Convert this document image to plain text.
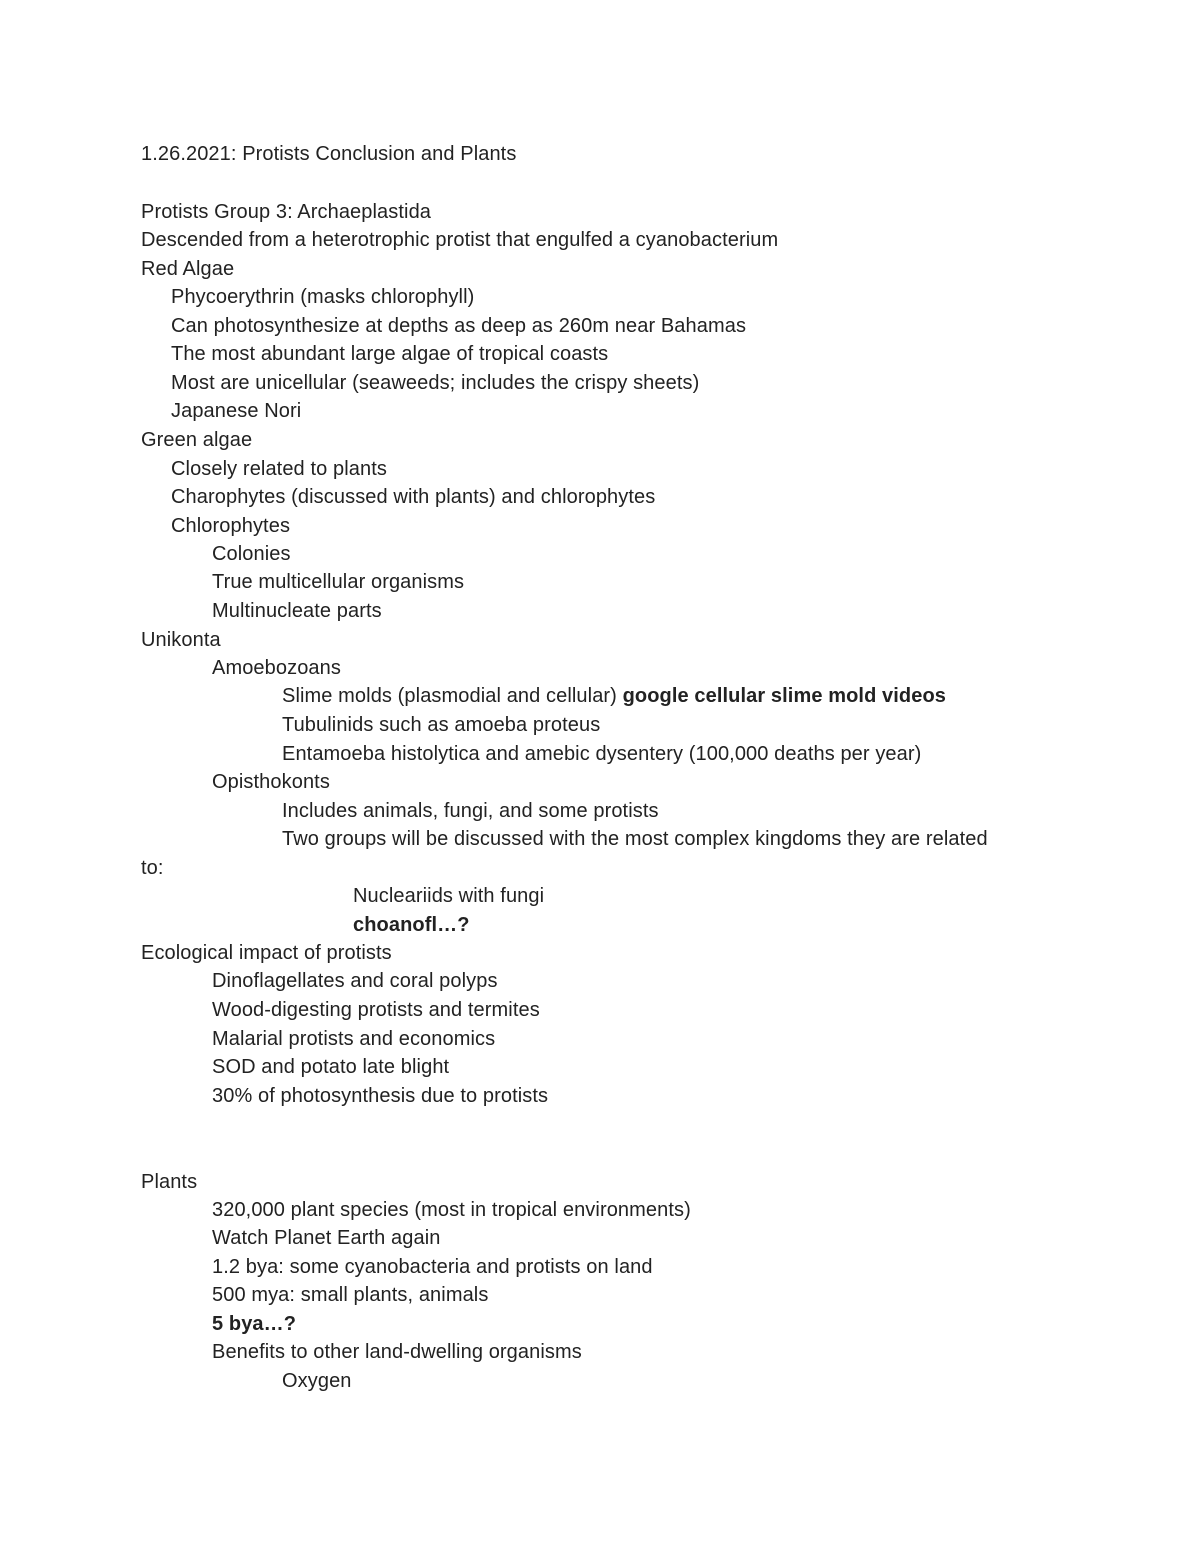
1.26.2021: Protists Conclusion and Plants
Protists Group 3: Archaeplastida
Descended from a heterotrophic protist that engulfed a cyanobacterium
Red Algae
Phycoerythrin (masks chlorophyll)
Can photosynthesize at depths as deep as 260m near Bahamas
The most abundant large algae of tropical coasts
Most are unicellular (seaweeds; includes the crispy sheets)
Japanese Nori
Green algae
Closely related to plants
Charophytes (discussed with plants) and chlorophytes
Chlorophytes
Colonies
True multicellular organisms
Multinucleate parts
Unikonta
Amoebozoans
Slime molds (plasmodial and cellular) google cellular slime mold videos
Tubulinids such as amoeba proteus
Entamoeba histolytica and amebic dysentery (100,000 deaths per year)
Opisthokonts
Includes animals, fungi, and some protists
Two groups will be discussed with the most complex kingdoms they are related
to:
Nucleariids with fungi
choanofl…?
Ecological impact of protists
Dinoflagellates and coral polyps
Wood-digesting protists and termites
Malarial protists and economics
SOD and potato late blight
30% of photosynthesis due to protists
Plants
320,000 plant species (most in tropical environments)
Watch Planet Earth again
1.2 bya: some cyanobacteria and protists on land
500 mya: small plants, animals
5 bya…?
Benefits to other land-dwelling organisms
Oxygen
